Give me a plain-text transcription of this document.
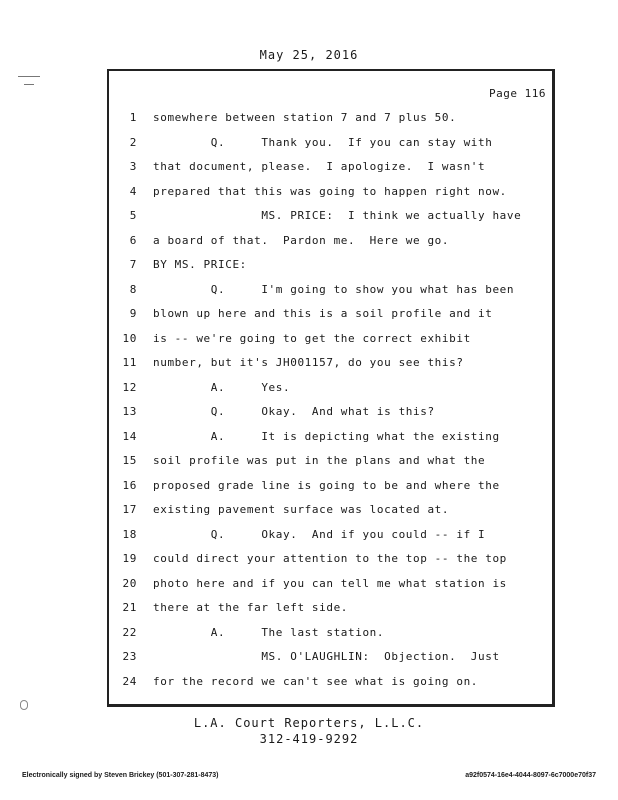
May 25, 2016
Page 116
1 somewhere between station 7 and 7 plus 50.
2 Q.     Thank you.  If you can stay with
3 that document, please.  I apologize.  I wasn't
4 prepared that this was going to happen right now.
5 MS. PRICE:  I think we actually have
6 a board of that.  Pardon me.  Here we go.
7 BY MS. PRICE:
8 Q.     I'm going to show you what has been
9 blown up here and this is a soil profile and it
10 is -- we're going to get the correct exhibit
11 number, but it's JH001157, do you see this?
12 A.     Yes.
13 Q.     Okay.  And what is this?
14 A.     It is depicting what the existing
15 soil profile was put in the plans and what the
16 proposed grade line is going to be and where the
17 existing pavement surface was located at.
18 Q.     Okay.  And if you could -- if I
19 could direct your attention to the top -- the top
20 photo here and if you can tell me what station is
21 there at the far left side.
22 A.     The last station.
23 MS. O'LAUGHLIN:  Objection.  Just
24 for the record we can't see what is going on.
L.A. Court Reporters, L.L.C.
312-419-9292
Electronically signed by Steven Brickey (501-307-281-8473)	a92f0574-16e4-4044-8097-6c7000e70f37
